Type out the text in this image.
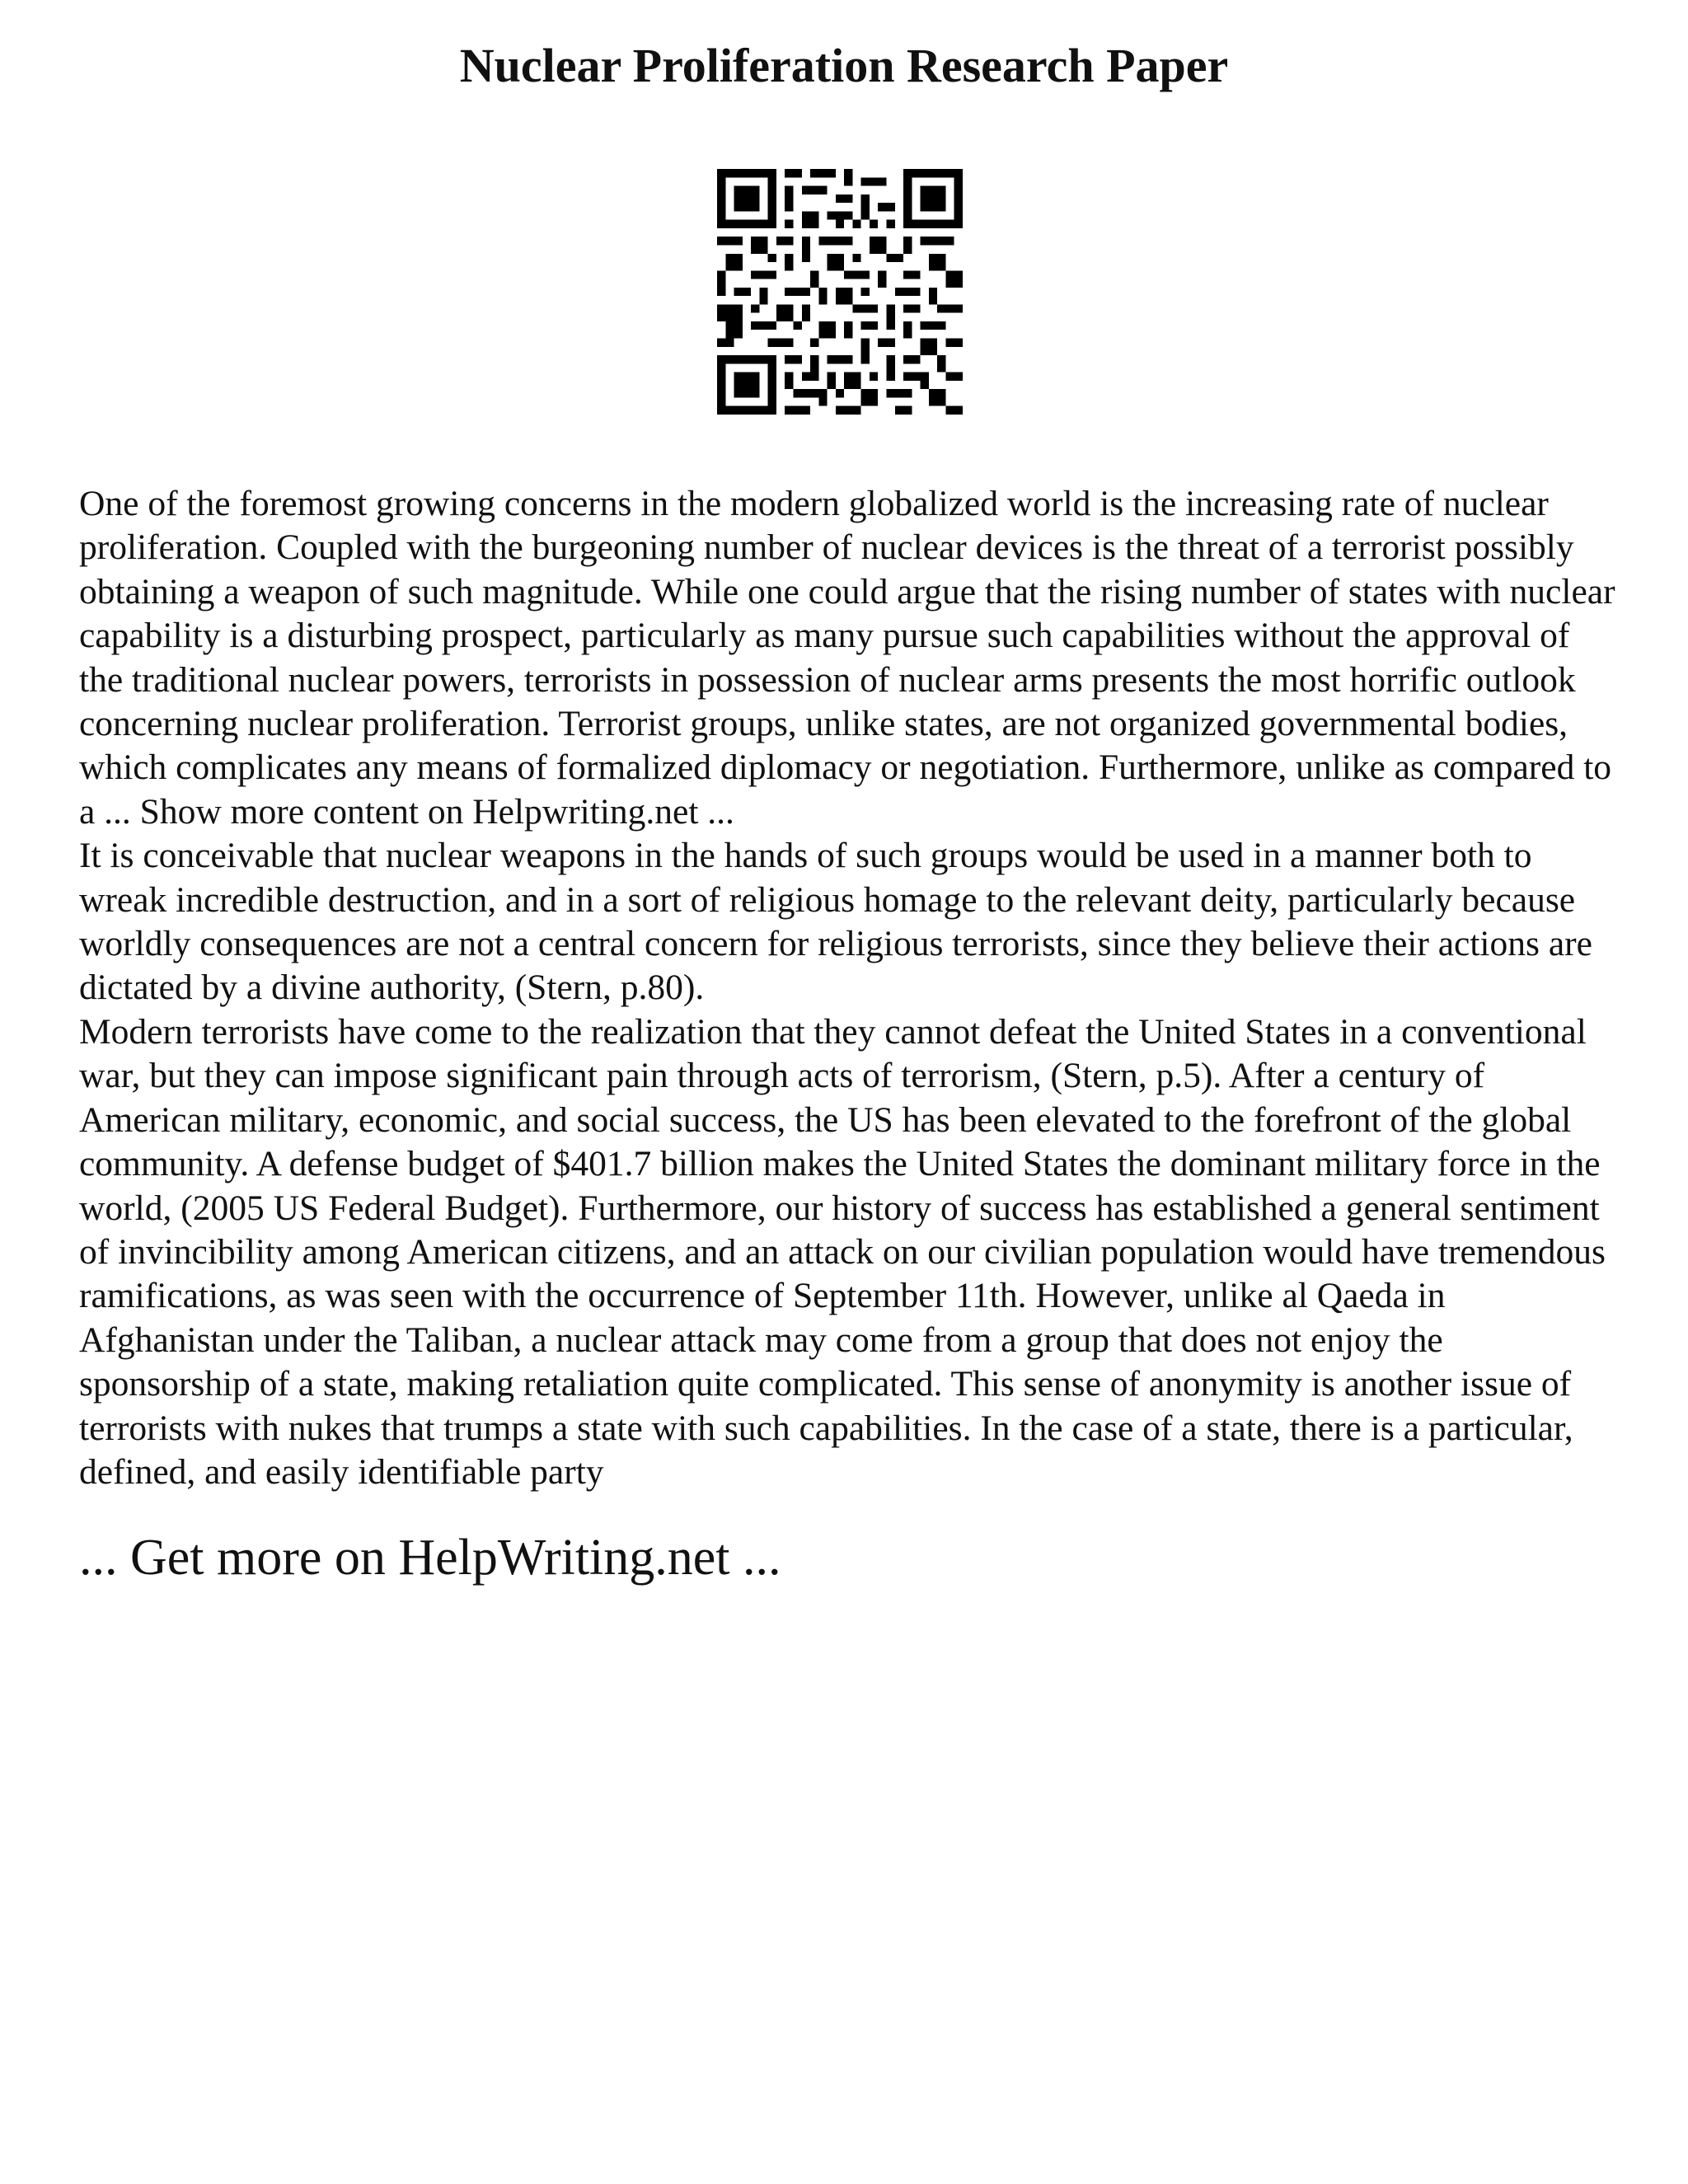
Nuclear Proliferation Research Paper

One of the foremost growing concerns in the modern globalized world is the increasing rate of nuclear proliferation. Coupled with the burgeoning number of nuclear devices is the threat of a terrorist possibly obtaining a weapon of such magnitude. While one could argue that the rising number of states with nuclear capability is a disturbing prospect, particularly as many pursue such capabilities without the approval of the traditional nuclear powers, terrorists in possession of nuclear arms presents the most horrific outlook concerning nuclear proliferation. Terrorist groups, unlike states, are not organized governmental bodies, which complicates any means of formalized diplomacy or negotiation. Furthermore, unlike as compared to a ... Show more content on Helpwriting.net ...

It is conceivable that nuclear weapons in the hands of such groups would be used in a manner both to wreak incredible destruction, and in a sort of religious homage to the relevant deity, particularly because worldly consequences are not a central concern for religious terrorists, since they believe their actions are dictated by a divine authority, (Stern, p.80).

Modern terrorists have come to the realization that they cannot defeat the United States in a conventional war, but they can impose significant pain through acts of terrorism, (Stern, p.5). After a century of American military, economic, and social success, the US has been elevated to the forefront of the global community. A defense budget of $401.7 billion makes the United States the dominant military force in the world, (2005 US Federal Budget). Furthermore, our history of success has established a general sentiment of invincibility among American citizens, and an attack on our civilian population would have tremendous ramifications, as was seen with the occurrence of September 11th. However, unlike al Qaeda in Afghanistan under the Taliban, a nuclear attack may come from a group that does not enjoy the sponsorship of a state, making retaliation quite complicated. This sense of anonymity is another issue of terrorists with nukes that trumps a state with such capabilities. In the case of a state, there is a particular, defined, and easily identifiable party

... Get more on HelpWriting.net ...
